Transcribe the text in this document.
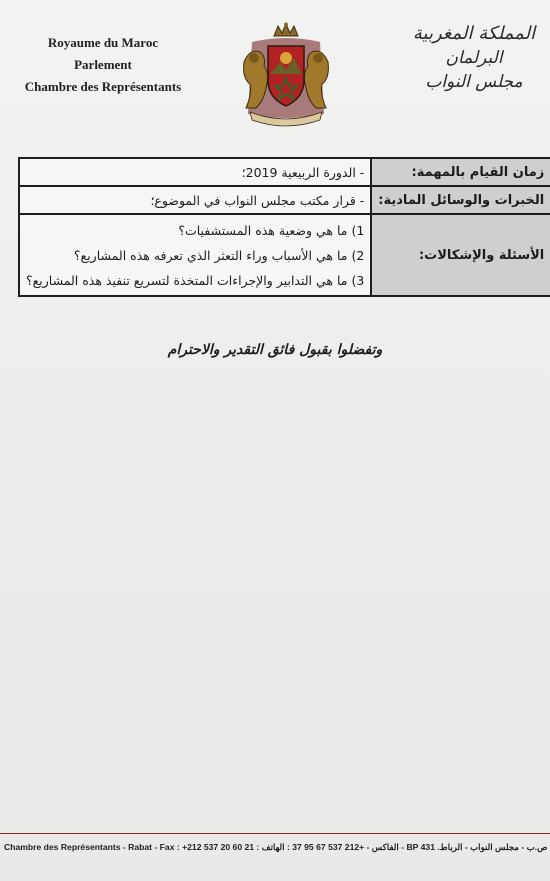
Royaume du Maroc
Parlement
Chambre des Représentants
المملكة المغربية
البرلمان
مجلس النواب
زمان القيام بالمهمة:	- الدورة الربيعية 2019؛
الخبرات والوسائل المادية:	- قرار مكتب مجلس النواب في الموضوع؛
الأسئلة والإشكالات:	1) ما هي وضعية هذه المستشفيات؟
2) ما هي الأسباب وراء التعثر الذي تعرفه هذه المشاريع؟
3) ما هي التدابير والإجراءات المتخذة لتسريع تنفيذ هذه المشاريع؟
وتفضلوا بقبول فائق التقدير والاحترام
Chambre des Représentants - Rabat - Fax : +212 537 20 60 21 : الفاكس - +212 537 67 95 37 : الهاتف - BP 431 .ص.ب - مجلس النواب - الرباط
